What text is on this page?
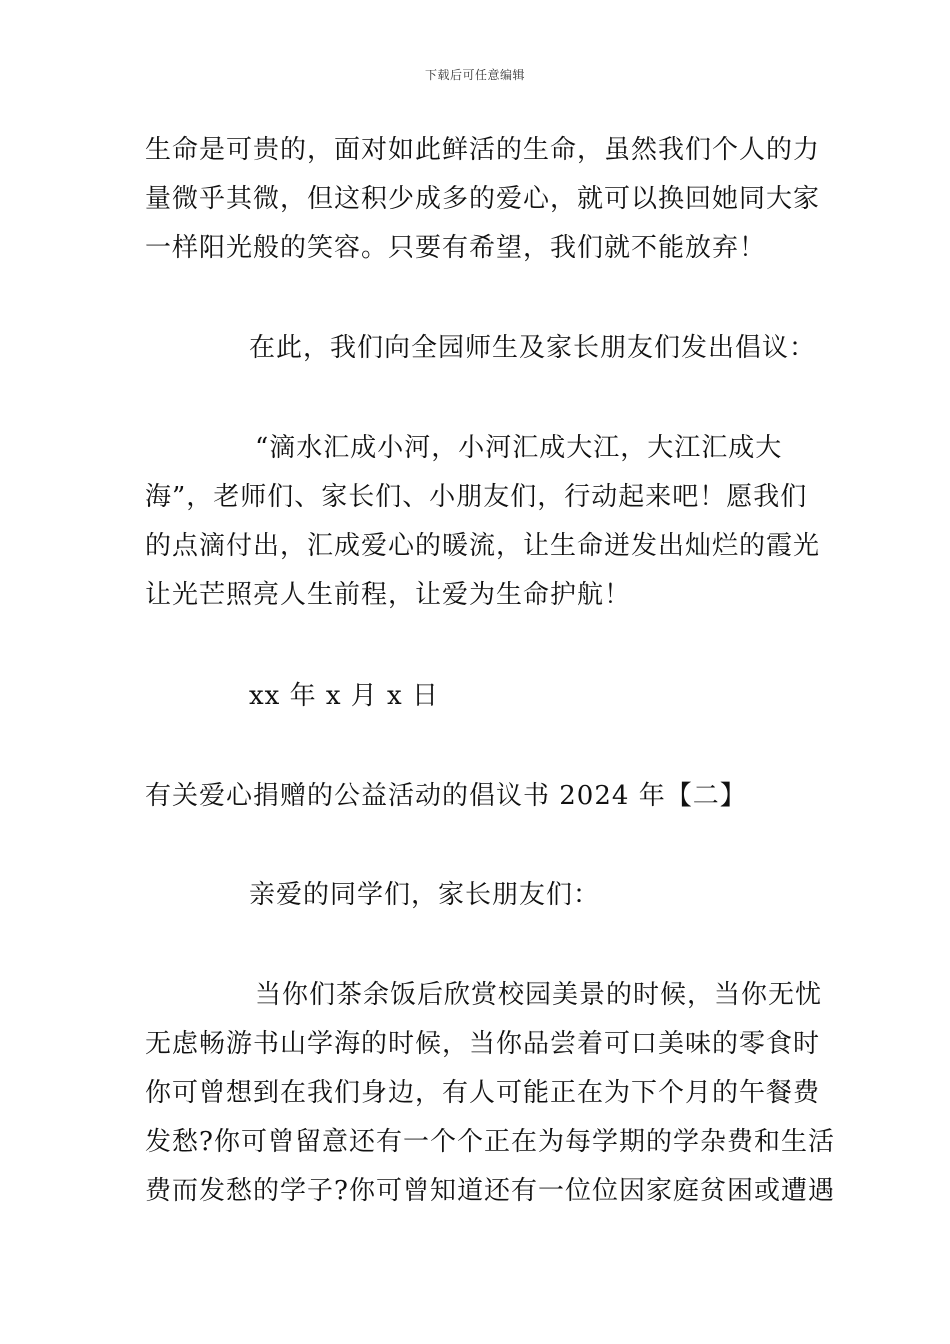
下载后可任意编辑
生命是可贵的，面对如此鲜活的生命，虽然我们个人的力
量微乎其微，但这积少成多的爱心，就可以换回她同大家
一样阳光般的笑容。只要有希望，我们就不能放弃！
在此，我们向全园师生及家长朋友们发出倡议：
“滴水汇成小河，小河汇成大江，大江汇成大
海”，老师们、家长们、小朋友们，行动起来吧！愿我们
的点滴付出，汇成爱心的暖流，让生命迸发出灿烂的霞光
让光芒照亮人生前程，让爱为生命护航！
xx 年 x 月 x 日
有关爱心捐赠的公益活动的倡议书 2024 年【二】
亲爱的同学们，家长朋友们：
当你们茶余饭后欣赏校园美景的时候，当你无忧
无虑畅游书山学海的时候，当你品尝着可口美味的零食时
你可曾想到在我们身边，有人可能正在为下个月的午餐费
发愁?你可曾留意还有一个个正在为每学期的学杂费和生活
费而发愁的学子?你可曾知道还有一位位因家庭贫困或遭遇
